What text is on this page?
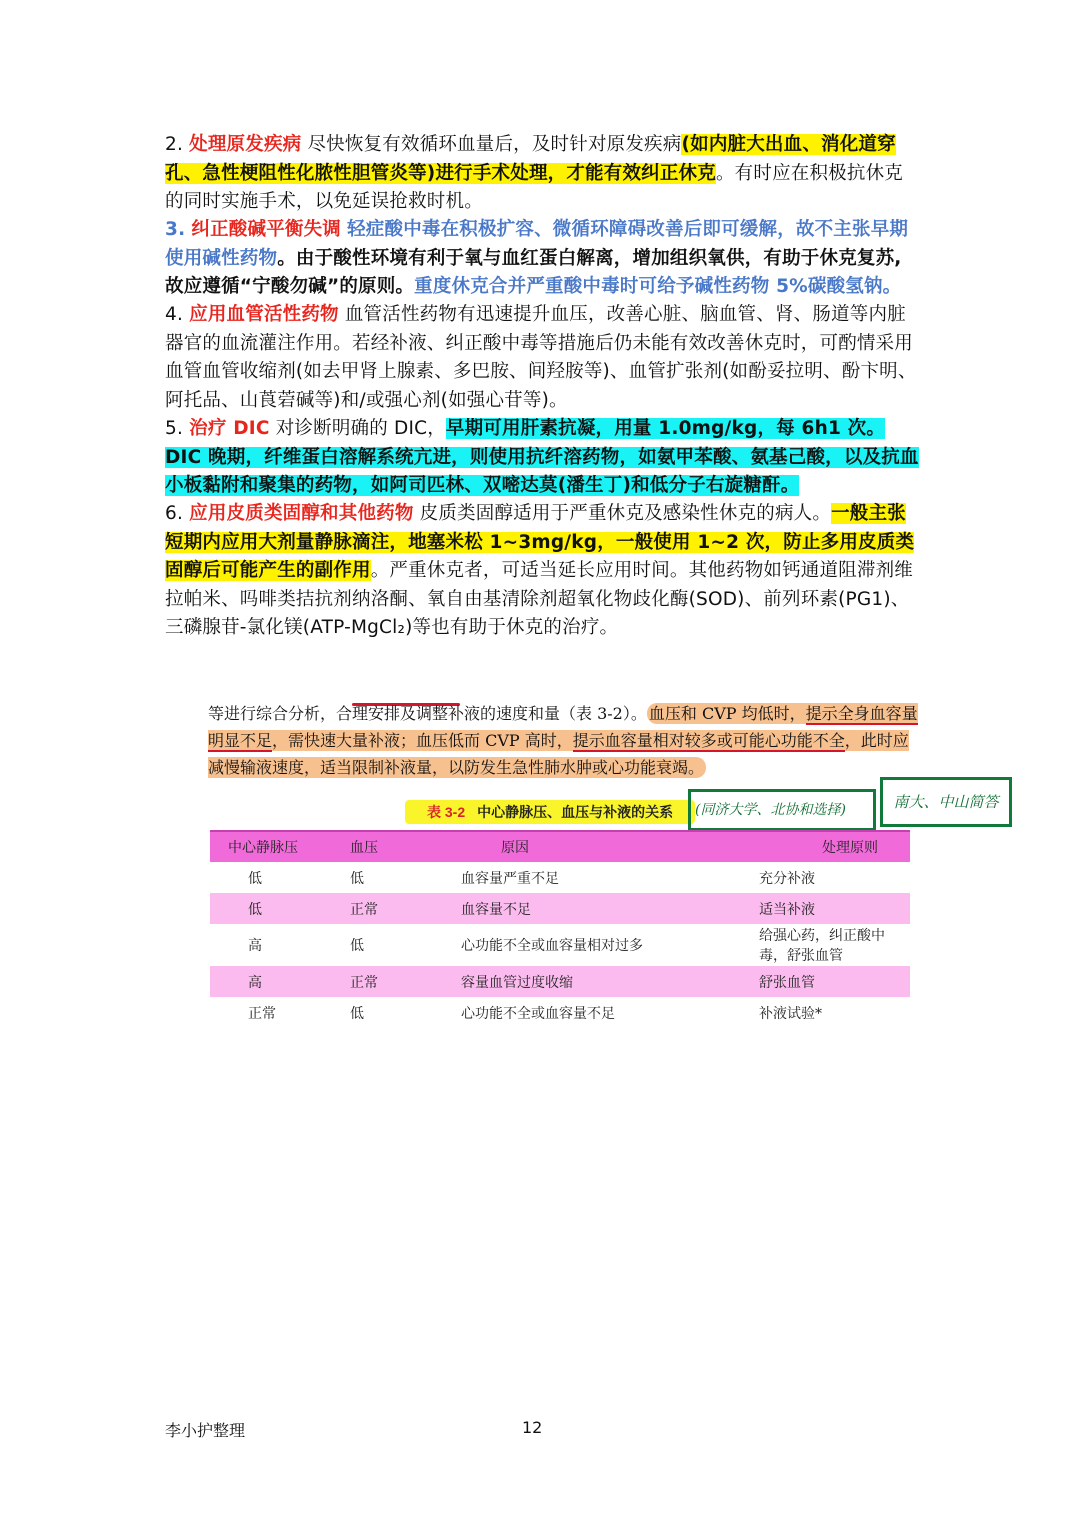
2. 处理原发疾病 尽快恢复有效循环血量后，及时针对原发疾病(如内脏大出血、消化道穿孔、急性梗阻性化脓性胆管炎等)进行手术处理，才能有效纠正休克。有时应在积极抗休克的同时实施手术，以免延误抢救时机。
3. 纠正酸碱平衡失调 轻症酸中毒在积极扩容、微循环障碍改善后即可缓解，故不主张早期使用碱性药物。由于酸性环境有利于氧与血红蛋白解离，增加组织氧供，有助于休克复苏, 故应遵循“宁酸勿碱”的原则。重度休克合并严重酸中毒时可给予碱性药物 5%碳酸氢钠。
4. 应用血管活性药物 血管活性药物有迅速提升血压，改善心脏、脑血管、肾、肠道等内脏器官的血流灌注作用。若经补液、纠正酸中毒等措施后仍未能有效改善休克时，可酌情采用血管血管收缩剂(如去甲肾上腺素、多巴胺、间羟胺等)、血管扩张剂(如酚妥拉明、酚卞明、阿托品、山莨菪碱等)和/或强心剂(如强心苷等)。
5. 治疗 DIC 对诊断明确的 DIC，早期可用肝素抗凝，用量 1.0mg/kg，每 6h1 次。DIC 晚期，纤维蛋白溶解系统亢进，则使用抗纤溶药物，如氨甲苯酸、氨基己酸，以及抗血小板黏附和聚集的药物，如阿司匹林、双嘧达莫(潘生丁)和低分子右旋糖酐。
6. 应用皮质类固醇和其他药物 皮质类固醇适用于严重休克及感染性休克的病人。一般主张短期内应用大剂量静脉滴注，地塞米松 1~3mg/kg，一般使用 1~2 次，防止多用皮质类固醇后可能产生的副作用。严重休克者，可适当延长应用时间。其他药物如钙通道阻滞剂维拉帕米、吗啡类拮抗剂纳洛酮、氧自由基清除剂超氧化物歧化酶(SOD)、前列环素(PG1)、三磷腺苷-氯化镁(ATP-MgCl₂)等也有助于休克的治疗。
等进行综合分析，合理安排及调整补液的速度和量（表 3-2）。 血压和 CVP 均低时，提示全身血容量明显不足，需快速大量补液；血压低而 CVP 高时，提示血容量相对较多或可能心功能不全，此时应减慢输液速度，适当限制补液量，以防发生急性肺水肿或心功能衰竭。
表 3-2 中心静脉压、血压与补液的关系	(同济大学、北协和选择)	南大、中山简答
中心静脉压	血压	原因	处理原则
低	低	血容量严重不足	充分补液
低	正常	血容量不足	适当补液
高	低	心功能不全或血容量相对过多	给强心药，纠正酸中毒，舒张血管
高	正常	容量血管过度收缩	舒张血管
正常	低	心功能不全或血容量不足	补液试验*
李小护整理	12
